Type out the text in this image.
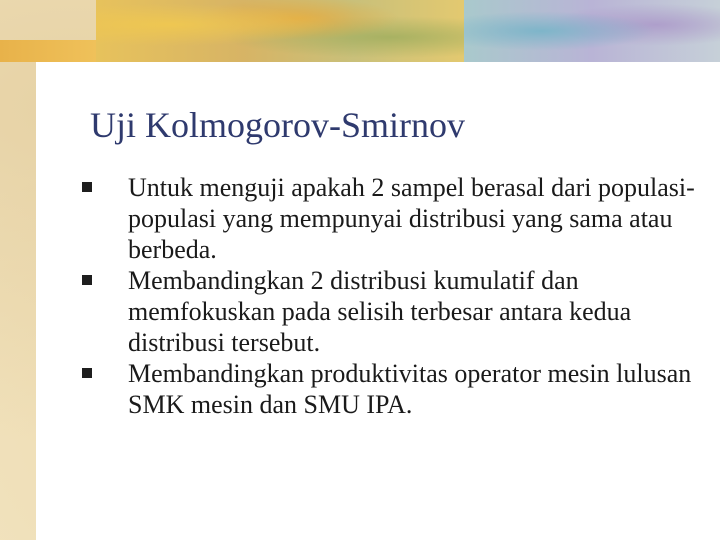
Uji Kolmogorov-Smirnov
Untuk menguji apakah 2 sampel berasal dari populasi-populasi yang mempunyai distribusi yang sama atau berbeda.
Membandingkan 2 distribusi kumulatif dan memfokuskan pada selisih terbesar antara kedua distribusi tersebut.
Membandingkan produktivitas operator mesin lulusan SMK mesin dan SMU IPA.
